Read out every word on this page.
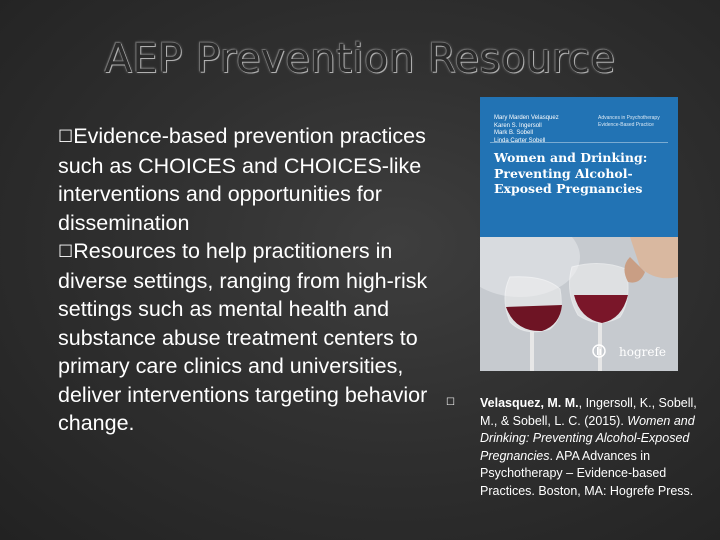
AEP Prevention Resource
☐Evidence-based prevention practices such as CHOICES and CHOICES-like interventions and opportunities for dissemination
☐Resources to help practitioners in diverse settings, ranging from high-risk settings such as mental health and substance abuse treatment centers to primary care clinics and universities, deliver interventions targeting behavior change.
Mary Marden Velasquez
Karen S. Ingersoll
Mark B. Sobell
Linda Carter Sobell
Advances in Psychotherapy
Evidence-Based Practice
Women and Drinking:
Preventing Alcohol-
Exposed Pregnancies
hogrefe
☐ Velasquez, M. M., Ingersoll, K., Sobell, M., & Sobell, L. C. (2015). Women and Drinking: Preventing Alcohol-Exposed Pregnancies. APA Advances in Psychotherapy – Evidence-based Practices. Boston, MA: Hogrefe Press.
